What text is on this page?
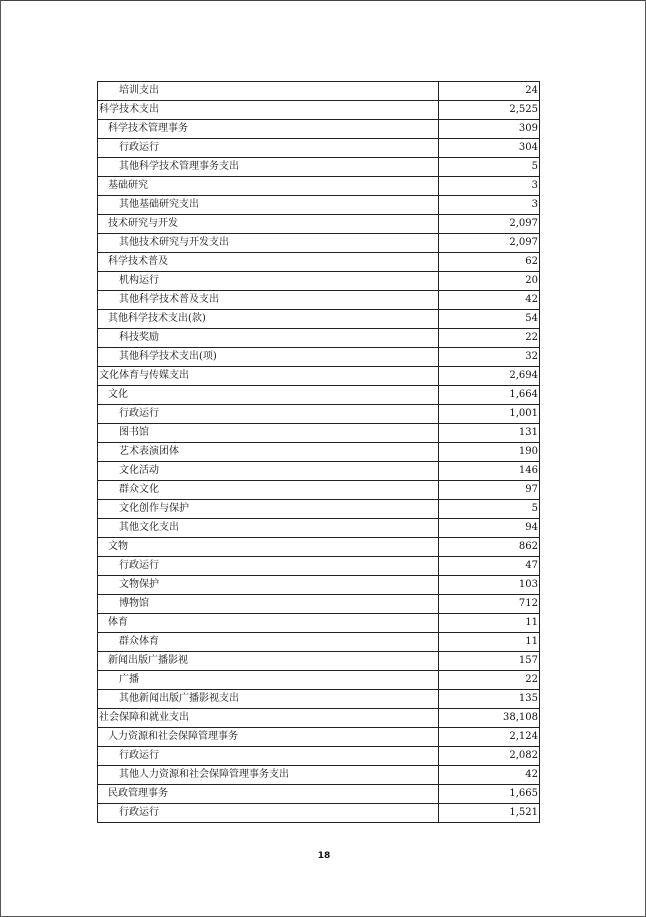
培训支出	24
科学技术支出	2,525
科学技术管理事务	309
行政运行	304
其他科学技术管理事务支出	5
基础研究	3
其他基础研究支出	3
技术研究与开发	2,097
其他技术研究与开发支出	2,097
科学技术普及	62
机构运行	20
其他科学技术普及支出	42
其他科学技术支出(款)	54
科技奖励	22
其他科学技术支出(项)	32
文化体育与传媒支出	2,694
文化	1,664
行政运行	1,001
图书馆	131
艺术表演团体	190
文化活动	146
群众文化	97
文化创作与保护	5
其他文化支出	94
文物	862
行政运行	47
文物保护	103
博物馆	712
体育	11
群众体育	11
新闻出版广播影视	157
广播	22
其他新闻出版广播影视支出	135
社会保障和就业支出	38,108
人力资源和社会保障管理事务	2,124
行政运行	2,082
其他人力资源和社会保障管理事务支出	42
民政管理事务	1,665
行政运行	1,521
18
